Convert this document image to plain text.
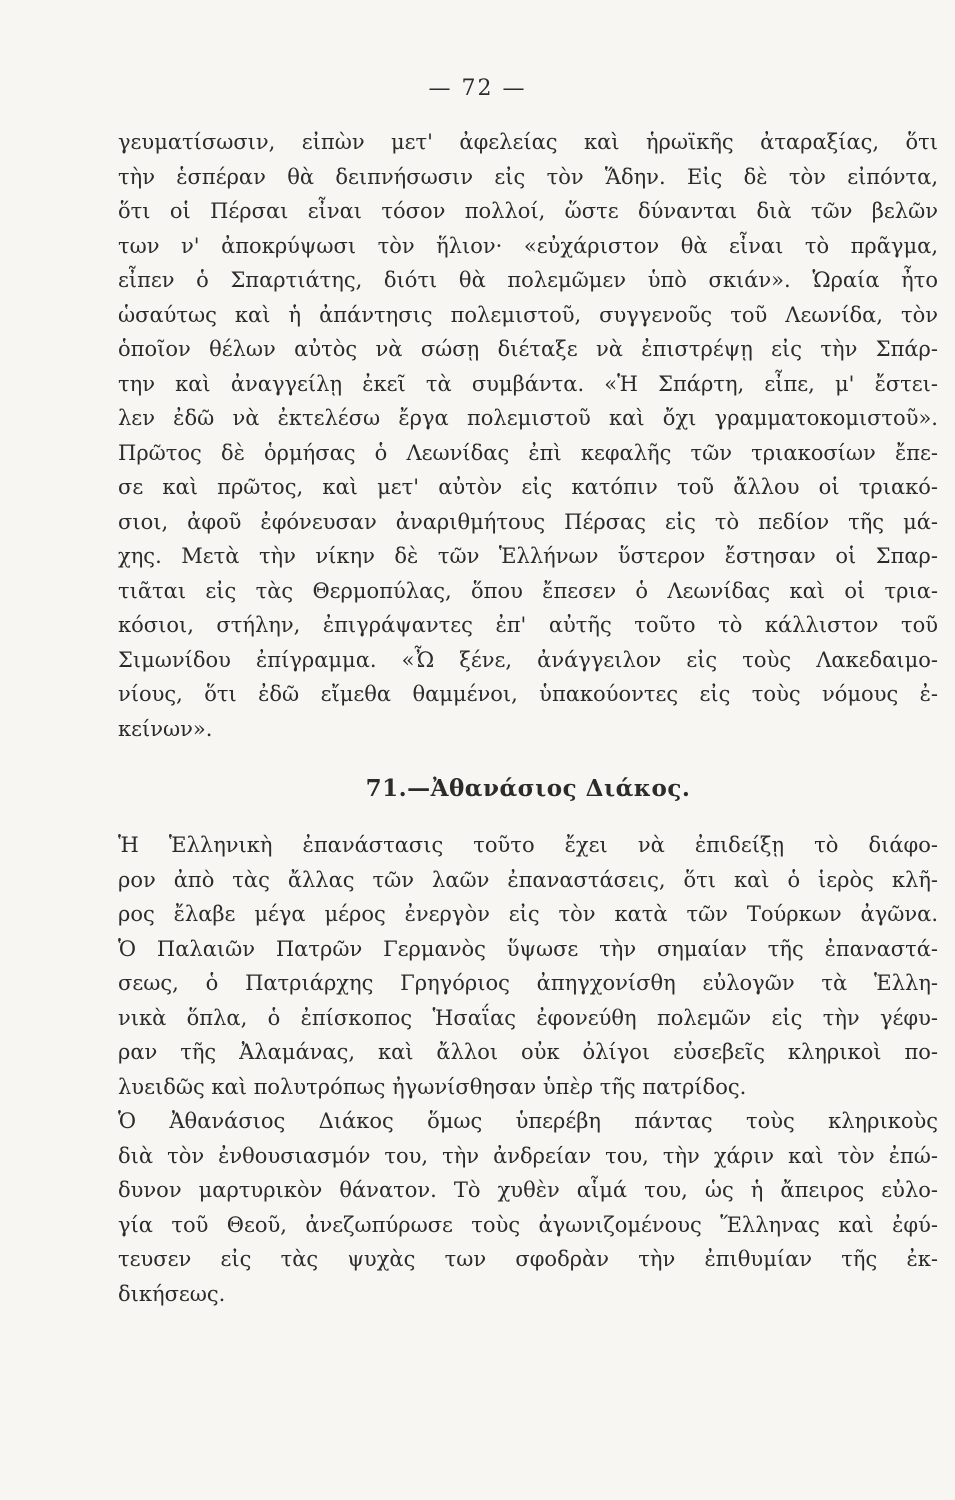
— 72 —
γευματίσωσιν, εἰπὼν μετ' ἀφελείας καὶ ἡρωϊκῆς ἀταραξίας, ὅτι
τὴν ἑσπέραν θὰ δειπνήσωσιν εἰς τὸν Ἅδην. Εἰς δὲ τὸν εἰπόντα,
ὅτι οἱ Πέρσαι εἶναι τόσον πολλοί, ὥστε δύνανται διὰ τῶν βελῶν
των ν' ἀποκρύψωσι τὸν ἥλιον· «εὐχάριστον θὰ εἶναι τὸ πρᾶγμα,
εἶπεν ὁ Σπαρτιάτης, διότι θὰ πολεμῶμεν ὑπὸ σκιάν». Ὡραία ἦτο
ὡσαύτως καὶ ἡ ἀπάντησις πολεμιστοῦ, συγγενοῦς τοῦ Λεωνίδα, τὸν
ὁποῖον θέλων αὐτὸς νὰ σώσῃ διέταξε νὰ ἐπιστρέψῃ εἰς τὴν Σπάρ-
την καὶ ἀναγγείλῃ ἐκεῖ τὰ συμβάντα. «Ἡ Σπάρτη, εἶπε, μ' ἔστει-
λεν ἐδῶ νὰ ἐκτελέσω ἔργα πολεμιστοῦ καὶ ὄχι γραμματοκομιστοῦ».
Πρῶτος δὲ ὁρμήσας ὁ Λεωνίδας ἐπὶ κεφαλῆς τῶν τριακοσίων ἔπε-
σε καὶ πρῶτος, καὶ μετ' αὐτὸν εἰς κατόπιν τοῦ ἄλλου οἱ τριακό-
σιοι, ἀφοῦ ἐφόνευσαν ἀναριθμήτους Πέρσας εἰς τὸ πεδίον τῆς μά-
χης. Μετὰ τὴν νίκην δὲ τῶν Ἑλλήνων ὕστερον ἔστησαν οἱ Σπαρ-
τιᾶται εἰς τὰς Θερμοπύλας, ὅπου ἔπεσεν ὁ Λεωνίδας καὶ οἱ τρια-
κόσιοι, στήλην, ἐπιγράψαντες ἐπ' αὐτῆς τοῦτο τὸ κάλλιστον τοῦ
Σιμωνίδου ἐπίγραμμα. «Ὦ ξένε, ἀνάγγειλον εἰς τοὺς Λακεδαιμο-
νίους, ὅτι ἐδῶ εἴμεθα θαμμένοι, ὑπακούοντες εἰς τοὺς νόμους ἐ-
κείνων».
71.—Ἀθανάσιος Διάκος.
Ἡ Ἑλληνικὴ ἐπανάστασις τοῦτο ἔχει νὰ ἐπιδείξῃ τὸ διάφο-
ρον ἀπὸ τὰς ἄλλας τῶν λαῶν ἐπαναστάσεις, ὅτι καὶ ὁ ἱερὸς κλῆ-
ρος ἔλαβε μέγα μέρος ἐνεργὸν εἰς τὸν κατὰ τῶν Τούρκων ἀγῶνα.
Ὁ Παλαιῶν Πατρῶν Γερμανὸς ὕψωσε τὴν σημαίαν τῆς ἐπαναστά-
σεως, ὁ Πατριάρχης Γρηγόριος ἀπηγχονίσθη εὐλογῶν τὰ Ἑλλη-
νικὰ ὅπλα, ὁ ἐπίσκοπος Ἡσαΐας ἐφονεύθη πολεμῶν εἰς τὴν γέφυ-
ραν τῆς Ἀλαμάνας, καὶ ἄλλοι οὐκ ὀλίγοι εὐσεβεῖς κληρικοὶ πο-
λυειδῶς καὶ πολυτρόπως ἠγωνίσθησαν ὑπὲρ τῆς πατρίδος.
Ὁ Ἀθανάσιος Διάκος ὅμως ὑπερέβη πάντας τοὺς κληρικοὺς
διὰ τὸν ἐνθουσιασμόν του, τὴν ἀνδρείαν του, τὴν χάριν καὶ τὸν ἐπώ-
δυνον μαρτυρικὸν θάνατον. Τὸ χυθὲν αἷμά του, ὡς ἡ ἄπειρος εὐλο-
γία τοῦ Θεοῦ, ἀνεζωπύρωσε τοὺς ἀγωνιζομένους Ἕλληνας καὶ ἐφύ-
τευσεν εἰς τὰς ψυχὰς των σφοδρὰν τὴν ἐπιθυμίαν τῆς ἐκ-
δικήσεως.
